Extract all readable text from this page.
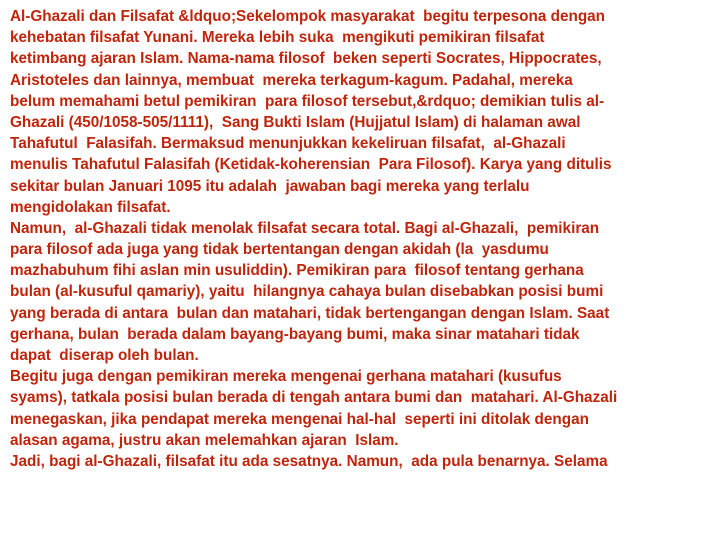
Al-Ghazali dan Filsafat &ldquo;Sekelompok masyarakat  begitu terpesona dengan
kehebatan filsafat Yunani. Mereka lebih suka  mengikuti pemikiran filsafat
ketimbang ajaran Islam. Nama-nama filosof  beken seperti Socrates, Hippocrates,
Aristoteles dan lainnya, membuat  mereka terkagum-kagum. Padahal, mereka
belum memahami betul pemikiran  para filosof tersebut,&rdquo; demikian tulis al-
Ghazali (450/1058-505/1111),  Sang Bukti Islam (Hujjatul Islam) di halaman awal
Tahafutul  Falasifah. Bermaksud menunjukkan kekeliruan filsafat,  al-Ghazali
menulis Tahafutul Falasifah (Ketidak-koherensian  Para Filosof). Karya yang ditulis
sekitar bulan Januari 1095 itu adalah  jawaban bagi mereka yang terlalu
mengidolakan filsafat.
Namun,  al-Ghazali tidak menolak filsafat secara total. Bagi al-Ghazali,  pemikiran
para filosof ada juga yang tidak bertentangan dengan akidah (la  yasdumu
mazhabuhum fihi aslan min usuliddin). Pemikiran para  filosof tentang gerhana
bulan (al-kusuful qamariy), yaitu  hilangnya cahaya bulan disebabkan posisi bumi
yang berada di antara  bulan dan matahari, tidak bertengangan dengan Islam. Saat
gerhana, bulan  berada dalam bayang-bayang bumi, maka sinar matahari tidak
dapat  diserap oleh bulan.
Begitu juga dengan pemikiran mereka mengenai gerhana matahari (kusufus
syams), tatkala posisi bulan berada di tengah antara bumi dan  matahari. Al-Ghazali
menegaskan, jika pendapat mereka mengenai hal-hal  seperti ini ditolak dengan
alasan agama, justru akan melemahkan ajaran  Islam.
Jadi, bagi al-Ghazali, filsafat itu ada sesatnya. Namun,  ada pula benarnya. Selama
